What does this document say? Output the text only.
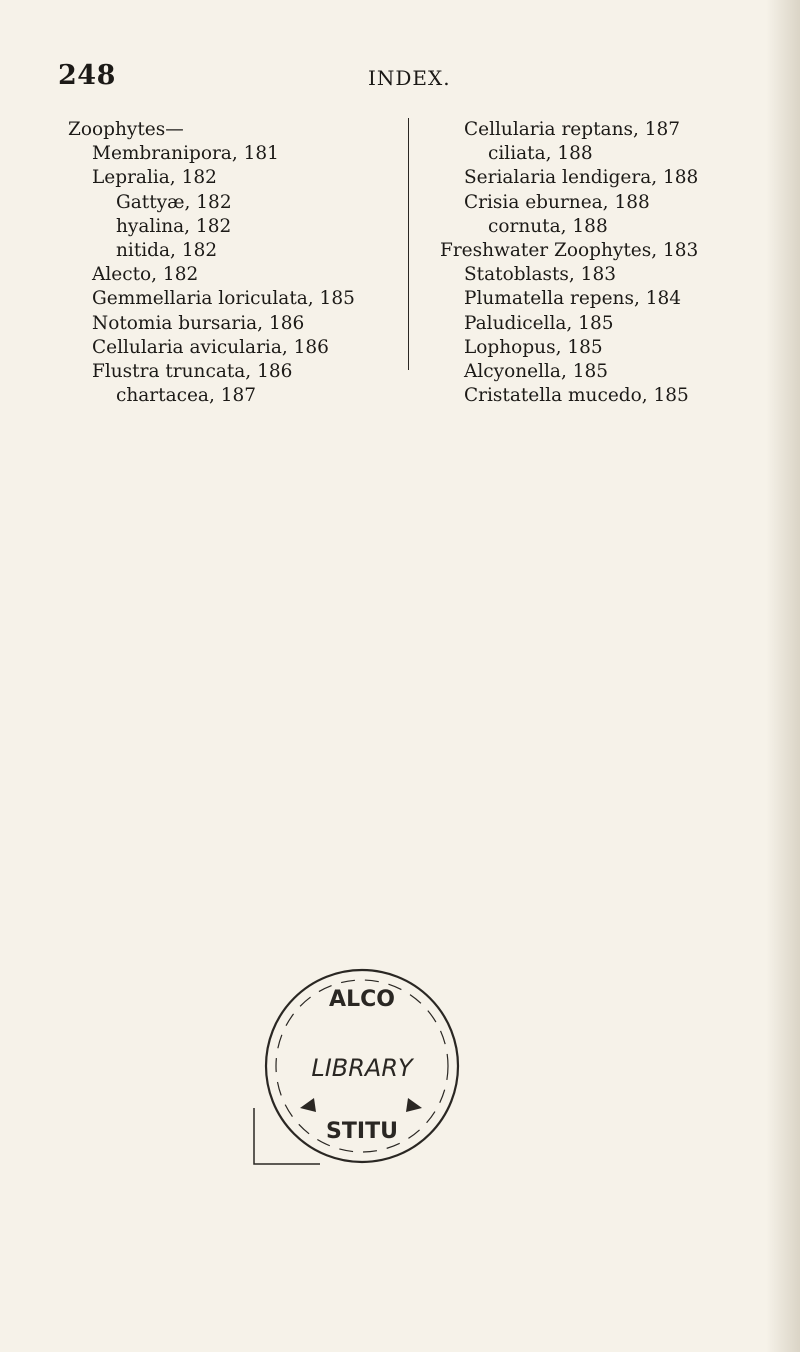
248	INDEX.
Zoophytes—
Membranipora, 181
Lepralia, 182
Gattyæ, 182
hyalina, 182
nitida, 182
Alecto, 182
Gemmellaria loriculata, 185
Notomia bursaria, 186
Cellularia avicularia, 186
Flustra truncata, 186
chartacea, 187
Cellularia reptans, 187
ciliata, 188
Serialaria lendigera, 188
Crisia eburnea, 188
cornuta, 188
Freshwater Zoophytes, 183
Statoblasts, 183
Plumatella repens, 184
Paludicella, 185
Lophopus, 185
Alcyonella, 185
Cristatella mucedo, 185
ALCO
LIBRARY
STITU
